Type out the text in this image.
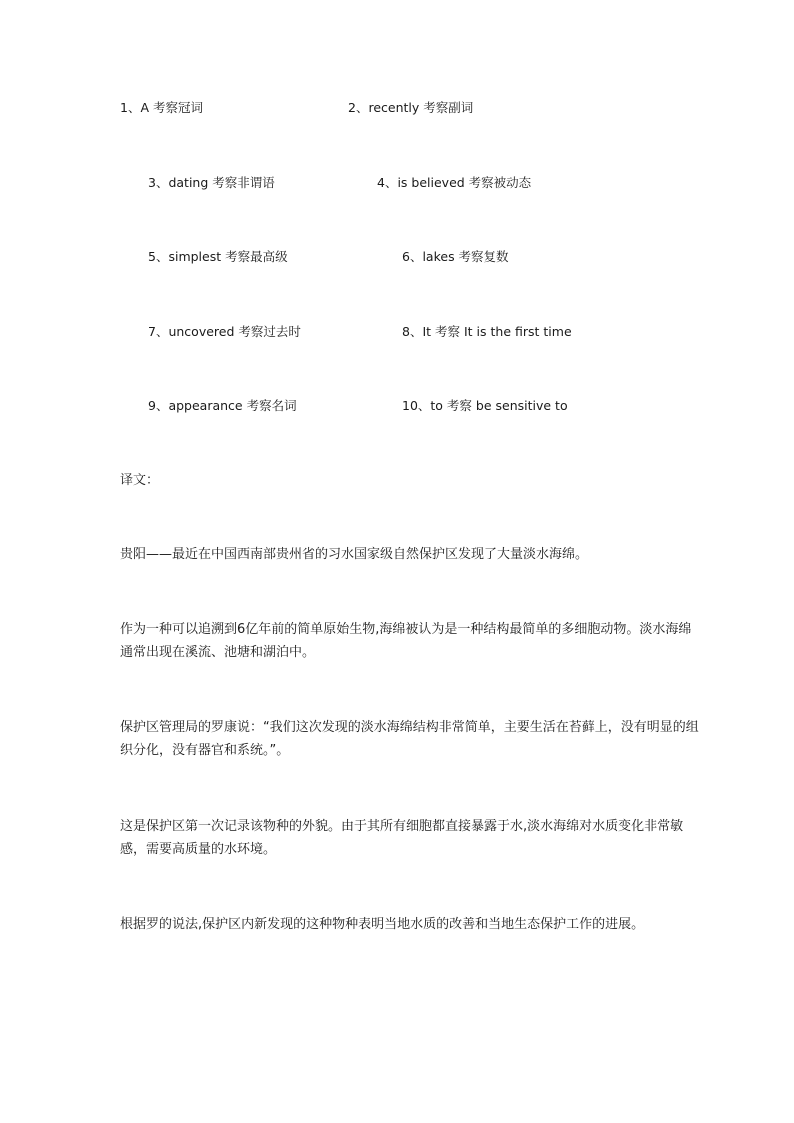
1、A 考察冠词	2、recently 考察副词
3、dating 考察非谓语	4、is believed 考察被动态
5、simplest 考察最高级	6、lakes 考察复数
7、uncovered 考察过去时	8、It 考察 It is the first time
9、appearance 考察名词	10、to 考察 be sensitive to
译文：

贵阳——最近在中国西南部贵州省的习水国家级自然保护区发现了大量淡水海绵。

作为一种可以追溯到6亿年前的简单原始生物,海绵被认为是一种结构最简单的多细胞动物。淡水海绵通常出现在溪流、池塘和湖泊中。

保护区管理局的罗康说：“我们这次发现的淡水海绵结构非常简单，主要生活在苔藓上，没有明显的组织分化，没有器官和系统。”。

这是保护区第一次记录该物种的外貌。由于其所有细胞都直接暴露于水,淡水海绵对水质变化非常敏感，需要高质量的水环境。

根据罗的说法,保护区内新发现的这种物种表明当地水质的改善和当地生态保护工作的进展。
